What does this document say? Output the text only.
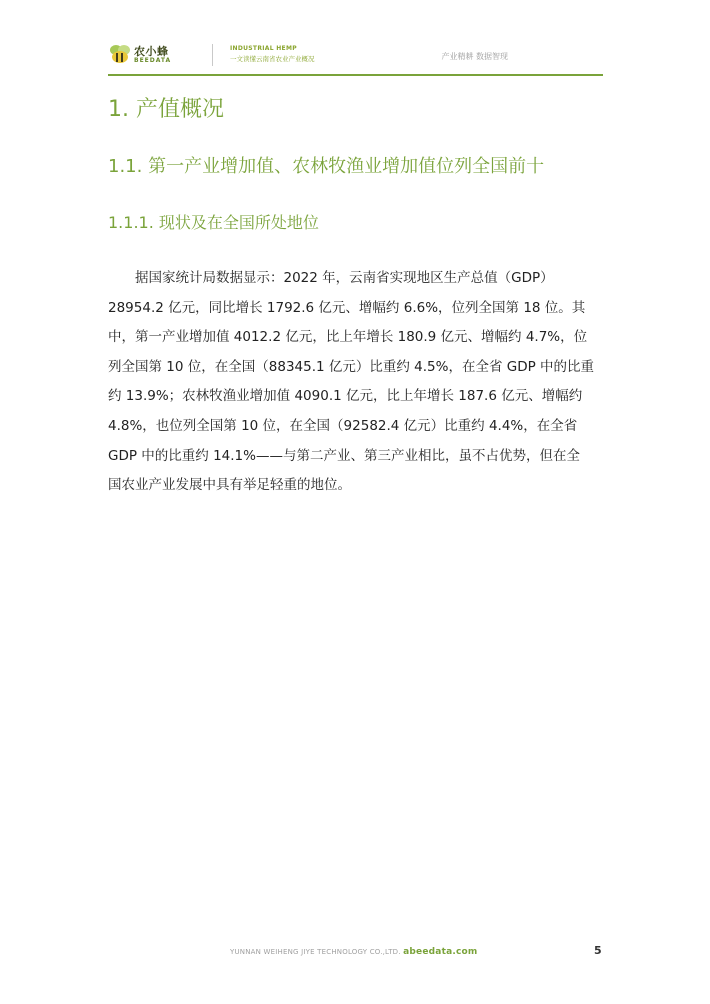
农小蜂
BEEDATA
INDUSTRIAL HEMP
一文读懂云南省农业产业概况	产业精耕 数据智现
1. 产值概况
1.1. 第一产业增加值、农林牧渔业增加值位列全国前十
1.1.1. 现状及在全国所处地位
　　据国家统计局数据显示：2022 年，云南省实现地区生产总值（GDP）
28954.2 亿元，同比增长 1792.6 亿元、增幅约 6.6%，位列全国第 18 位。其
中，第一产业增加值 4012.2 亿元，比上年增长 180.9 亿元、增幅约 4.7%，位
列全国第 10 位，在全国（88345.1 亿元）比重约 4.5%，在全省 GDP 中的比重
约 13.9%；农林牧渔业增加值 4090.1 亿元，比上年增长 187.6 亿元、增幅约
4.8%，也位列全国第 10 位，在全国（92582.4 亿元）比重约 4.4%，在全省
GDP 中的比重约 14.1%——与第二产业、第三产业相比，虽不占优势，但在全
国农业产业发展中具有举足轻重的地位。
YUNNAN WEIHENG JIYE TECHNOLOGY CO.,LTD. abeedata.com	5
